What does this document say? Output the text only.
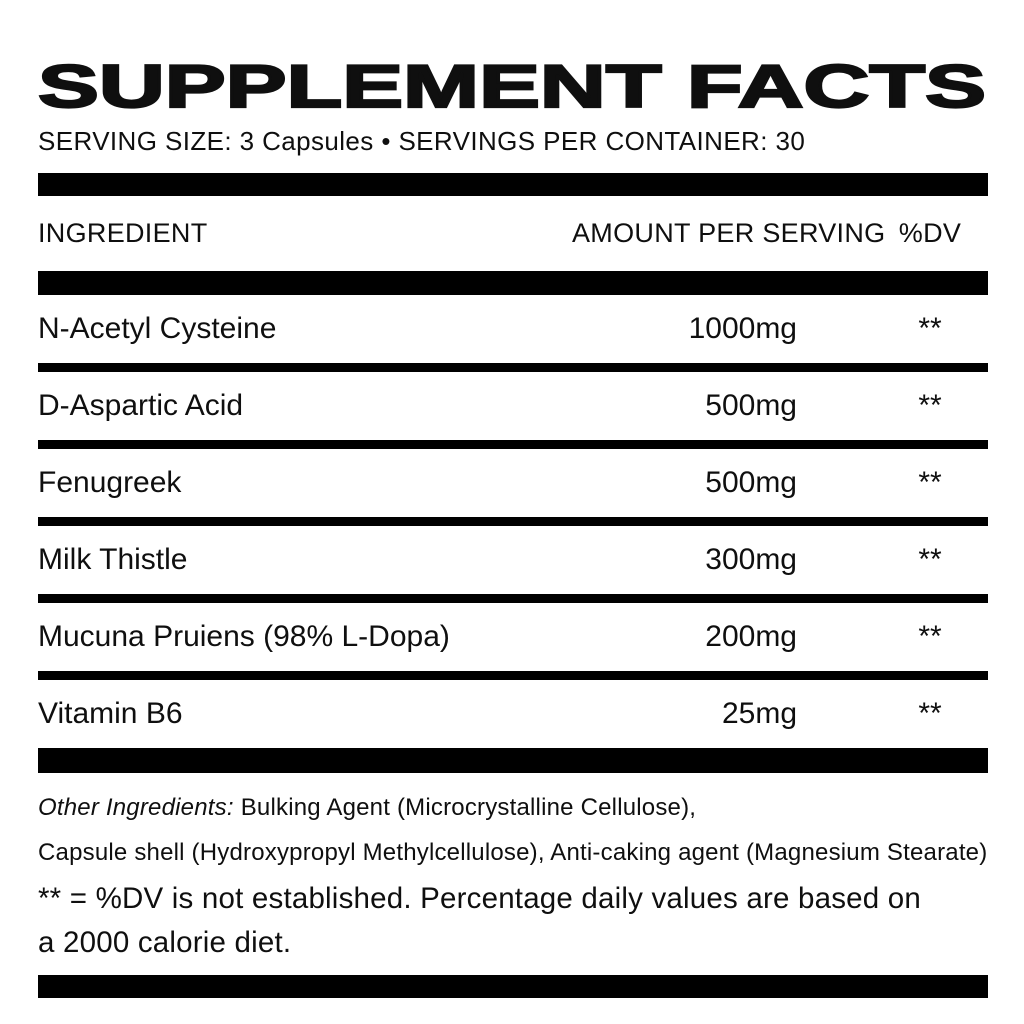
SUPPLEMENT FACTS
SERVING SIZE: 3 Capsules • SERVINGS PER CONTAINER: 30
INGREDIENT	AMOUNT PER SERVING %DV
N-Acetyl Cysteine	1000mg	**
D-Aspartic Acid	500mg	**
Fenugreek	500mg	**
Milk Thistle	300mg	**
Mucuna Pruiens (98% L-Dopa)	200mg	**
Vitamin B6	25mg	**
Other Ingredients: Bulking Agent (Microcrystalline Cellulose),
Capsule shell (Hydroxypropyl Methylcellulose), Anti-caking agent (Magnesium Stearate)
** = %DV is not established. Percentage daily values are based on
a 2000 calorie diet.
